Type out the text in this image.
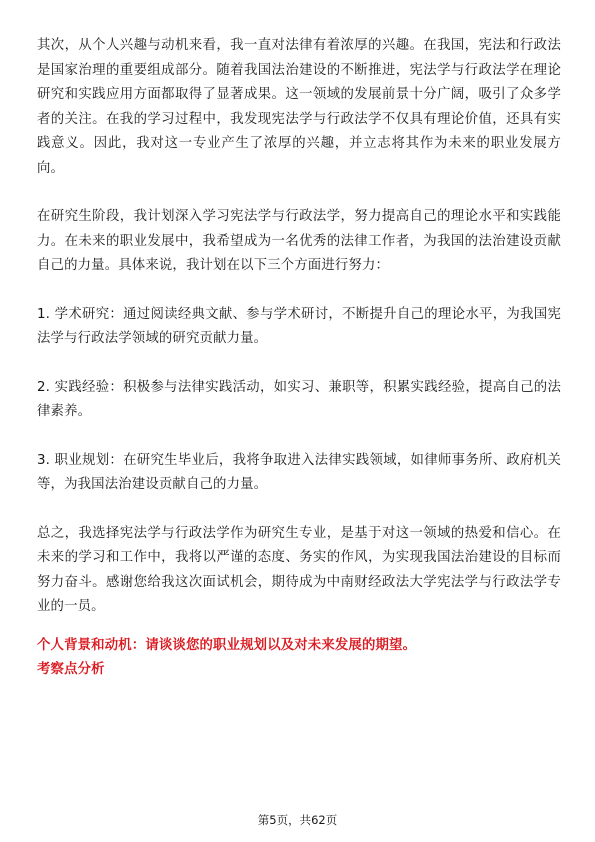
其次，从个人兴趣与动机来看，我一直对法律有着浓厚的兴趣。在我国，宪法和行政法是国家治理的重要组成部分。随着我国法治建设的不断推进，宪法学与行政法学在理论研究和实践应用方面都取得了显著成果。这一领域的发展前景十分广阔，吸引了众多学者的关注。在我的学习过程中，我发现宪法学与行政法学不仅具有理论价值，还具有实践意义。因此，我对这一专业产生了浓厚的兴趣，并立志将其作为未来的职业发展方向。

在研究生阶段，我计划深入学习宪法学与行政法学，努力提高自己的理论水平和实践能力。在未来的职业发展中，我希望成为一名优秀的法律工作者，为我国的法治建设贡献自己的力量。具体来说，我计划在以下三个方面进行努力：

1. 学术研究：通过阅读经典文献、参与学术研讨，不断提升自己的理论水平，为我国宪法学与行政法学领域的研究贡献力量。

2. 实践经验：积极参与法律实践活动，如实习、兼职等，积累实践经验，提高自己的法律素养。

3. 职业规划：在研究生毕业后，我将争取进入法律实践领域，如律师事务所、政府机关等，为我国法治建设贡献自己的力量。

总之，我选择宪法学与行政法学作为研究生专业，是基于对这一领域的热爱和信心。在未来的学习和工作中，我将以严谨的态度、务实的作风，为实现我国法治建设的目标而努力奋斗。感谢您给我这次面试机会，期待成为中南财经政法大学宪法学与行政法学专业的一员。

个人背景和动机：请谈谈您的职业规划以及对未来发展的期望。

考察点分析

第5页，共62页
